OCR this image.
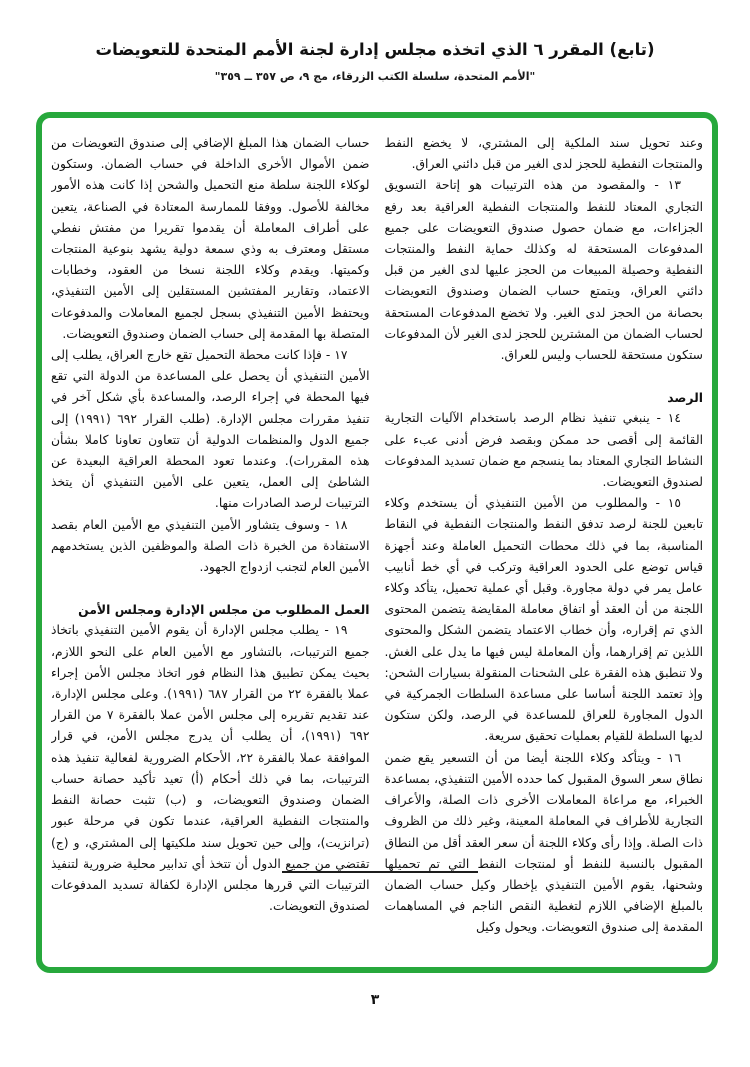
(تابع) المقرر ٦ الذي اتخذه مجلس إدارة لجنة الأمم المتحدة للتعويضات
"الأمم المتحدة، سلسلة الكتب الزرقاء، مج ٩، ص ٣٥٧ ــ ٣٥٩"

وعند تحويل سند الملكية إلى المشتري، لا يخضع النفط والمنتجات النفطية للحجز لدى الغير من قبل دائني العراق.

١٣ - والمقصود من هذه الترتيبات هو إتاحة التسويق التجاري المعتاد للنفط والمنتجات النفطية العراقية بعد رفع الجزاءات، مع ضمان حصول صندوق التعويضات على جميع المدفوعات المستحقة له وكذلك حماية النفط والمنتجات النفطية وحصيلة المبيعات من الحجز عليها لدى الغير من قبل دائني العراق، ويتمتع حساب الضمان وصندوق التعويضات بحصانة من الحجز لدى الغير. ولا تخضع المدفوعات المستحقة لحساب الضمان من المشترين للحجز لدى الغير لأن المدفوعات ستكون مستحقة للحساب وليس للعراق.

الرصد

١٤ - ينبغي تنفيذ نظام الرصد باستخدام الآليات التجارية القائمة إلى أقصى حد ممكن وبقصد فرض أدنى عبء على النشاط التجاري المعتاد بما ينسجم مع ضمان تسديد المدفوعات لصندوق التعويضات.

١٥ - والمطلوب من الأمين التنفيذي أن يستخدم وكلاء تابعين للجنة لرصد تدفق النفط والمنتجات النفطية في النقاط المناسبة، بما في ذلك محطات التحميل العاملة وعند أجهزة قياس توضع على الحدود العراقية وتركب في أي خط أنابيب عامل يمر في دولة مجاورة. وقبل أي عملية تحميل، يتأكد وكلاء اللجنة من أن العقد أو اتفاق معاملة المقايضة يتضمن المحتوى الذي تم إقراره، وأن خطاب الاعتماد يتضمن الشكل والمحتوى اللذين تم إقرارهما، وأن المعاملة ليس فيها ما يدل على الغش. ولا تنطبق هذه الفقرة على الشحنات المنقولة بسيارات الشحن: وإذ تعتمد اللجنة أساسا على مساعدة السلطات الجمركية في الدول المجاورة للعراق للمساعدة في الرصد، ولكن ستكون لديها السلطة للقيام بعمليات تحقيق سريعة.

١٦ - ويتأكد وكلاء اللجنة أيضا من أن التسعير يقع ضمن نطاق سعر السوق المقبول كما حدده الأمين التنفيذي، بمساعدة الخبراء، مع مراعاة المعاملات الأخرى ذات الصلة، والأعراف التجارية للأطراف في المعاملة المعينة، وغير ذلك من الظروف ذات الصلة. وإذا رأى وكلاء اللجنة أن سعر العقد أقل من النطاق المقبول بالنسبة للنفط أو لمنتجات النفط التي تم تحميلها وشحنها، يقوم الأمين التنفيذي بإخطار وكيل حساب الضمان بالمبلغ الإضافي اللازم لتغطية النقص الناجم في المساهمات المقدمة إلى صندوق التعويضات. ويحول وكيل

حساب الضمان هذا المبلغ الإضافي إلى صندوق التعويضات من ضمن الأموال الأخرى الداخلة في حساب الضمان. وستكون لوكلاء اللجنة سلطة منع التحميل والشحن إذا كانت هذه الأمور مخالفة للأصول. ووفقا للممارسة المعتادة في الصناعة، يتعين على أطراف المعاملة أن يقدموا تقريرا من مفتش نفطي مستقل ومعترف به وذي سمعة دولية يشهد بنوعية المنتجات وكميتها. ويقدم وكلاء اللجنة نسخا من العقود، وخطابات الاعتماد، وتقارير المفتشين المستقلين إلى الأمين التنفيذي، ويحتفظ الأمين التنفيذي بسجل لجميع المعاملات والمدفوعات المتصلة بها المقدمة إلى حساب الضمان وصندوق التعويضات.

١٧ - فإذا كانت محطة التحميل تقع خارج العراق، يطلب إلى الأمين التنفيذي أن يحصل على المساعدة من الدولة التي تقع فيها المحطة في إجراء الرصد، والمساعدة بأي شكل آخر في تنفيذ مقررات مجلس الإدارة. (طلب القرار ٦٩٢ (١٩٩١) إلى جميع الدول والمنظمات الدولية أن تتعاون تعاونا كاملا بشأن هذه المقررات). وعندما تعود المحطة العراقية البعيدة عن الشاطئ إلى العمل، يتعين على الأمين التنفيذي أن يتخذ الترتيبات لرصد الصادرات منها.

١٨ - وسوف يتشاور الأمين التنفيذي مع الأمين العام بقصد الاستفادة من الخبرة ذات الصلة والموظفين الذين يستخدمهم الأمين العام لتجنب ازدواج الجهود.

العمل المطلوب من مجلس الإدارة ومجلس الأمن

١٩ - يطلب مجلس الإدارة أن يقوم الأمين التنفيذي باتخاذ جميع الترتيبات، بالتشاور مع الأمين العام على النحو اللازم، بحيث يمكن تطبيق هذا النظام فور اتخاذ مجلس الأمن إجراء عملا بالفقرة ٢٢ من القرار ٦٨٧ (١٩٩١). وعلى مجلس الإدارة، عند تقديم تقريره إلى مجلس الأمن عملا بالفقرة ٧ من القرار ٦٩٢ (١٩٩١)، أن يطلب أن يدرج مجلس الأمن، في قرار الموافقة عملا بالفقرة ٢٢، الأحكام الضرورية لفعالية تنفيذ هذه الترتيبات، بما في ذلك أحكام (أ) تعيد تأكيد حصانة حساب الضمان وصندوق التعويضات، و (ب) تثبت حصانة النفط والمنتجات النفطية العراقية، عندما تكون في مرحلة عبور (ترانزيت)، وإلى حين تحويل سند ملكيتها إلى المشتري، و (ج) تقتضي من جميع الدول أن تتخذ أي تدابير محلية ضرورية لتنفيذ الترتيبات التي قررها مجلس الإدارة لكفالة تسديد المدفوعات لصندوق التعويضات.

٣
